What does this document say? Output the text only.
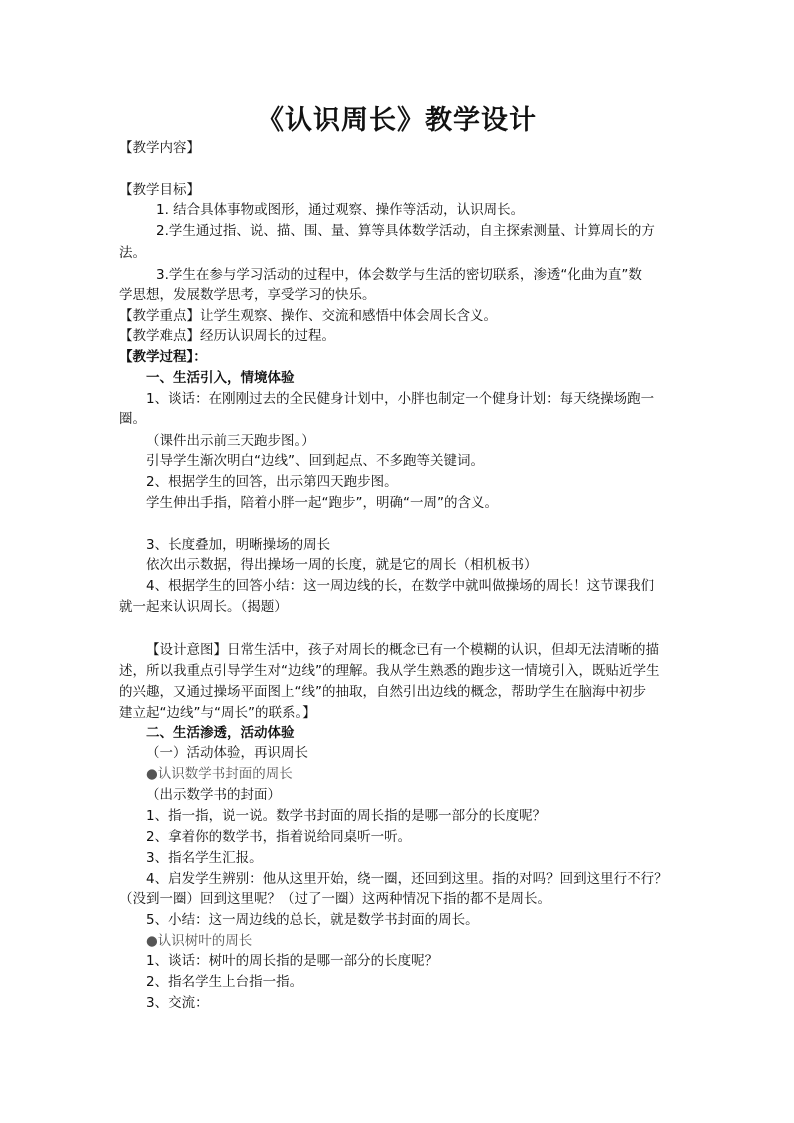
《认识周长》教学设计
【教学内容】
【教学目标】
1. 结合具体事物或图形，通过观察、操作等活动，认识周长。
2.学生通过指、说、描、围、量、算等具体数学活动，自主探索测量、计算周长的方
法。
3.学生在参与学习活动的过程中，体会数学与生活的密切联系，渗透“化曲为直”数
学思想，发展数学思考，享受学习的快乐。
【教学重点】让学生观察、操作、交流和感悟中体会周长含义。
【教学难点】经历认识周长的过程。
【教学过程】：
一、生活引入，情境体验
1、谈话：在刚刚过去的全民健身计划中，小胖也制定一个健身计划：每天绕操场跑一
圈。
（课件出示前三天跑步图。）
引导学生渐次明白“边线”、回到起点、不多跑等关键词。
2、根据学生的回答，出示第四天跑步图。
学生伸出手指，陪着小胖一起“跑步”，明确“一周”的含义。
3、长度叠加，明晰操场的周长
依次出示数据，得出操场一周的长度，就是它的周长（相机板书）
4、根据学生的回答小结：这一周边线的长，在数学中就叫做操场的周长！这节课我们
就一起来认识周长。（揭题）
【设计意图】日常生活中，孩子对周长的概念已有一个模糊的认识，但却无法清晰的描
述，所以我重点引导学生对“边线”的理解。我从学生熟悉的跑步这一情境引入，既贴近学生
的兴趣，又通过操场平面图上“线”的抽取，自然引出边线的概念，帮助学生在脑海中初步
建立起“边线”与“周长”的联系。】
二、生活渗透，活动体验
（一）活动体验，再识周长
●认识数学书封面的周长
（出示数学书的封面）
1、指一指，说一说。数学书封面的周长指的是哪一部分的长度呢？
2、拿着你的数学书，指着说给同桌听一听。
3、指名学生汇报。
4、启发学生辨别：他从这里开始，绕一圈，还回到这里。指的对吗？回到这里行不行？
（没到一圈）回到这里呢？（过了一圈）这两种情况下指的都不是周长。
5、小结：这一周边线的总长，就是数学书封面的周长。
●认识树叶的周长
1、谈话：树叶的周长指的是哪一部分的长度呢？
2、指名学生上台指一指。
3、交流：
